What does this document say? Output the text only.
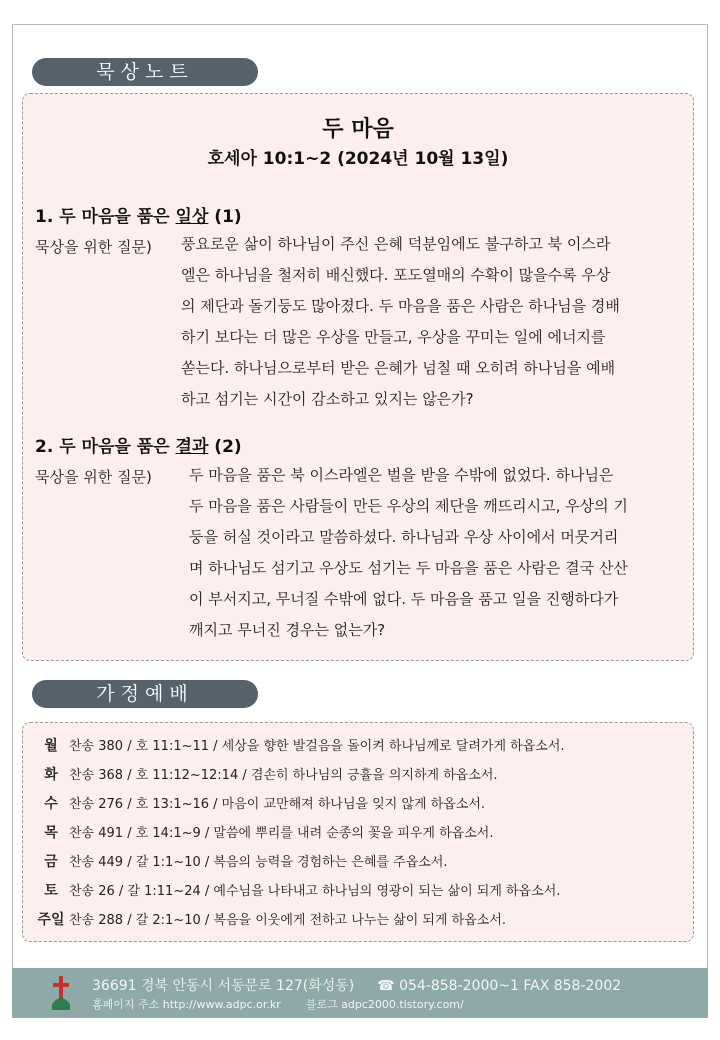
묵상노트
두 마음
호세아 10:1~2 (2024년 10월 13일)
1. 두 마음을 품은 일상 (1)
묵상을 위한 질문) 풍요로운 삶이 하나님이 주신 은혜 덕분임에도 불구하고 북 이스라
엘은 하나님을 철저히 배신했다. 포도열매의 수확이 많을수록 우상
의 제단과 돌기둥도 많아졌다. 두 마음을 품은 사람은 하나님을 경배
하기 보다는 더 많은 우상을 만들고, 우상을 꾸미는 일에 에너지를
쏟는다. 하나님으로부터 받은 은혜가 넘칠 때 오히려 하나님을 예배
하고 섬기는 시간이 감소하고 있지는 않은가?
2. 두 마음을 품은 결과 (2)
묵상을 위한 질문) 두 마음을 품은 북 이스라엘은 벌을 받을 수밖에 없었다. 하나님은
두 마음을 품은 사람들이 만든 우상의 제단을 깨뜨리시고, 우상의 기
둥을 허실 것이라고 말씀하셨다. 하나님과 우상 사이에서 머뭇거리
며 하나님도 섬기고 우상도 섬기는 두 마음을 품은 사람은 결국 산산
이 부서지고, 무너질 수밖에 없다. 두 마음을 품고 일을 진행하다가
깨지고 무너진 경우는 없는가?
가정예배
월 찬송 380 / 호 11:1~11 / 세상을 향한 발걸음을 돌이켜 하나님께로 달려가게 하옵소서.
화 찬송 368 / 호 11:12~12:14 / 겸손히 하나님의 긍휼을 의지하게 하옵소서.
수 찬송 276 / 호 13:1~16 / 마음이 교만해져 하나님을 잊지 않게 하옵소서.
목 찬송 491 / 호 14:1~9 / 말씀에 뿌리를 내려 순종의 꽃을 피우게 하옵소서.
금 찬송 449 / 갈 1:1~10 / 복음의 능력을 경험하는 은혜를 주옵소서.
토 찬송 26 / 갈 1:11~24 / 예수님을 나타내고 하나님의 영광이 되는 삶이 되게 하옵소서.
주일 찬송 288 / 갈 2:1~10 / 복음을 이웃에게 전하고 나누는 삶이 되게 하옵소서.
36691 경북 안동시 서동문로 127(화성동) ☎ 054-858-2000~1 FAX 858-2002
홈페이지 주소 http://www.adpc.or.kr 블로그 adpc2000.tistory.com/
